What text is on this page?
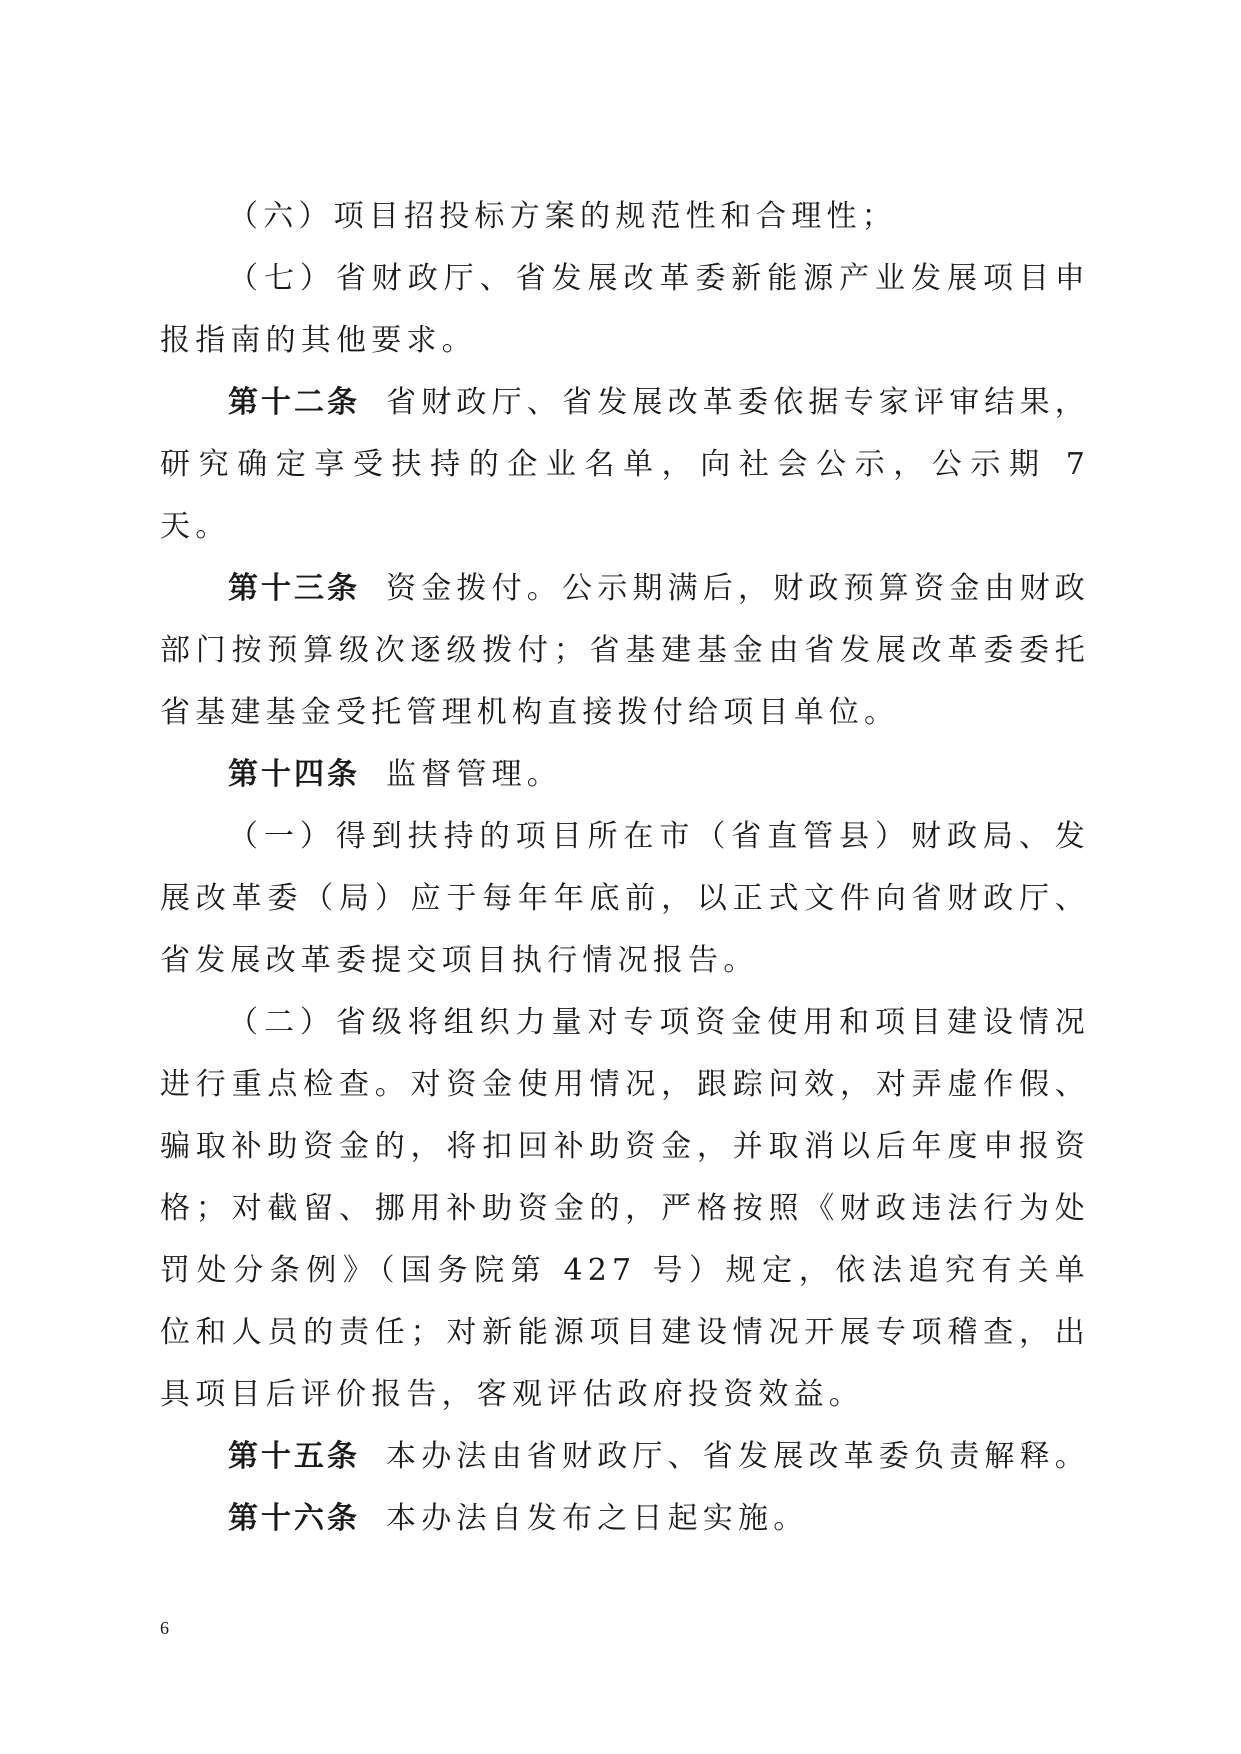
（六）项目招投标方案的规范性和合理性；

（七）省财政厅、省发展改革委新能源产业发展项目申报指南的其他要求。

第十二条 省财政厅、省发展改革委依据专家评审结果，研究确定享受扶持的企业名单，向社会公示，公示期 7 天。

第十三条 资金拨付。公示期满后，财政预算资金由财政部门按预算级次逐级拨付；省基建基金由省发展改革委委托省基建基金受托管理机构直接拨付给项目单位。

第十四条 监督管理。

（一）得到扶持的项目所在市（省直管县）财政局、发展改革委（局）应于每年年底前，以正式文件向省财政厅、省发展改革委提交项目执行情况报告。

（二）省级将组织力量对专项资金使用和项目建设情况进行重点检查。对资金使用情况，跟踪问效，对弄虚作假、骗取补助资金的，将扣回补助资金，并取消以后年度申报资格；对截留、挪用补助资金的，严格按照《财政违法行为处罚处分条例》（国务院第 427 号）规定，依法追究有关单位和人员的责任；对新能源项目建设情况开展专项稽查，出具项目后评价报告，客观评估政府投资效益。

第十五条 本办法由省财政厅、省发展改革委负责解释。

第十六条 本办法自发布之日起实施。

6
